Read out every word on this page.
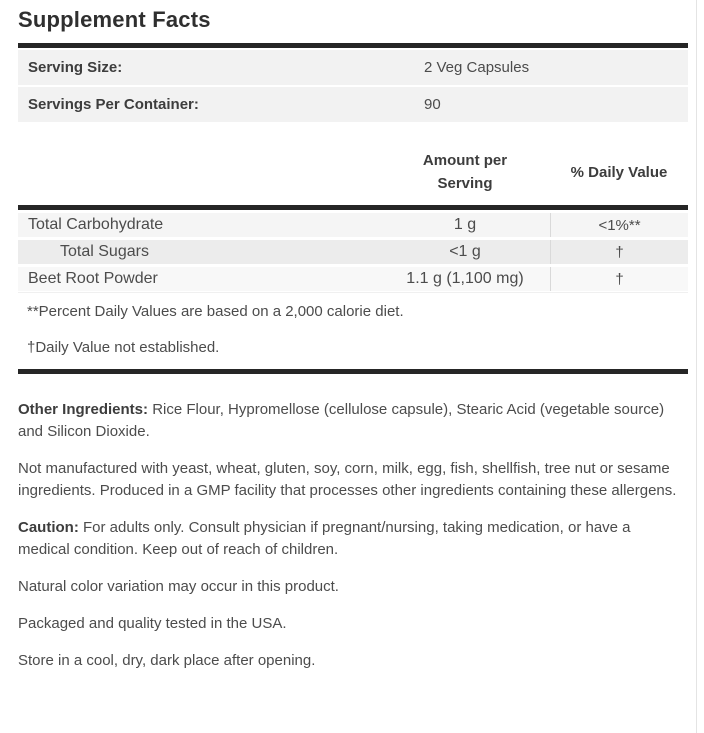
Supplement Facts
Serving Size:	2 Veg Capsules
Servings Per Container:	90
Amount per Serving
% Daily Value
Total Carbohydrate	1 g	<1%**
Total Sugars	<1 g	†
Beet Root Powder	1.1 g (1,100 mg)	†
**Percent Daily Values are based on a 2,000 calorie diet.
†Daily Value not established.

Other Ingredients: Rice Flour, Hypromellose (cellulose capsule), Stearic Acid (vegetable source) and Silicon Dioxide.

Not manufactured with yeast, wheat, gluten, soy, corn, milk, egg, fish, shellfish, tree nut or sesame ingredients. Produced in a GMP facility that processes other ingredients containing these allergens.

Caution: For adults only. Consult physician if pregnant/nursing, taking medication, or have a medical condition. Keep out of reach of children.

Natural color variation may occur in this product.

Packaged and quality tested in the USA.

Store in a cool, dry, dark place after opening.
